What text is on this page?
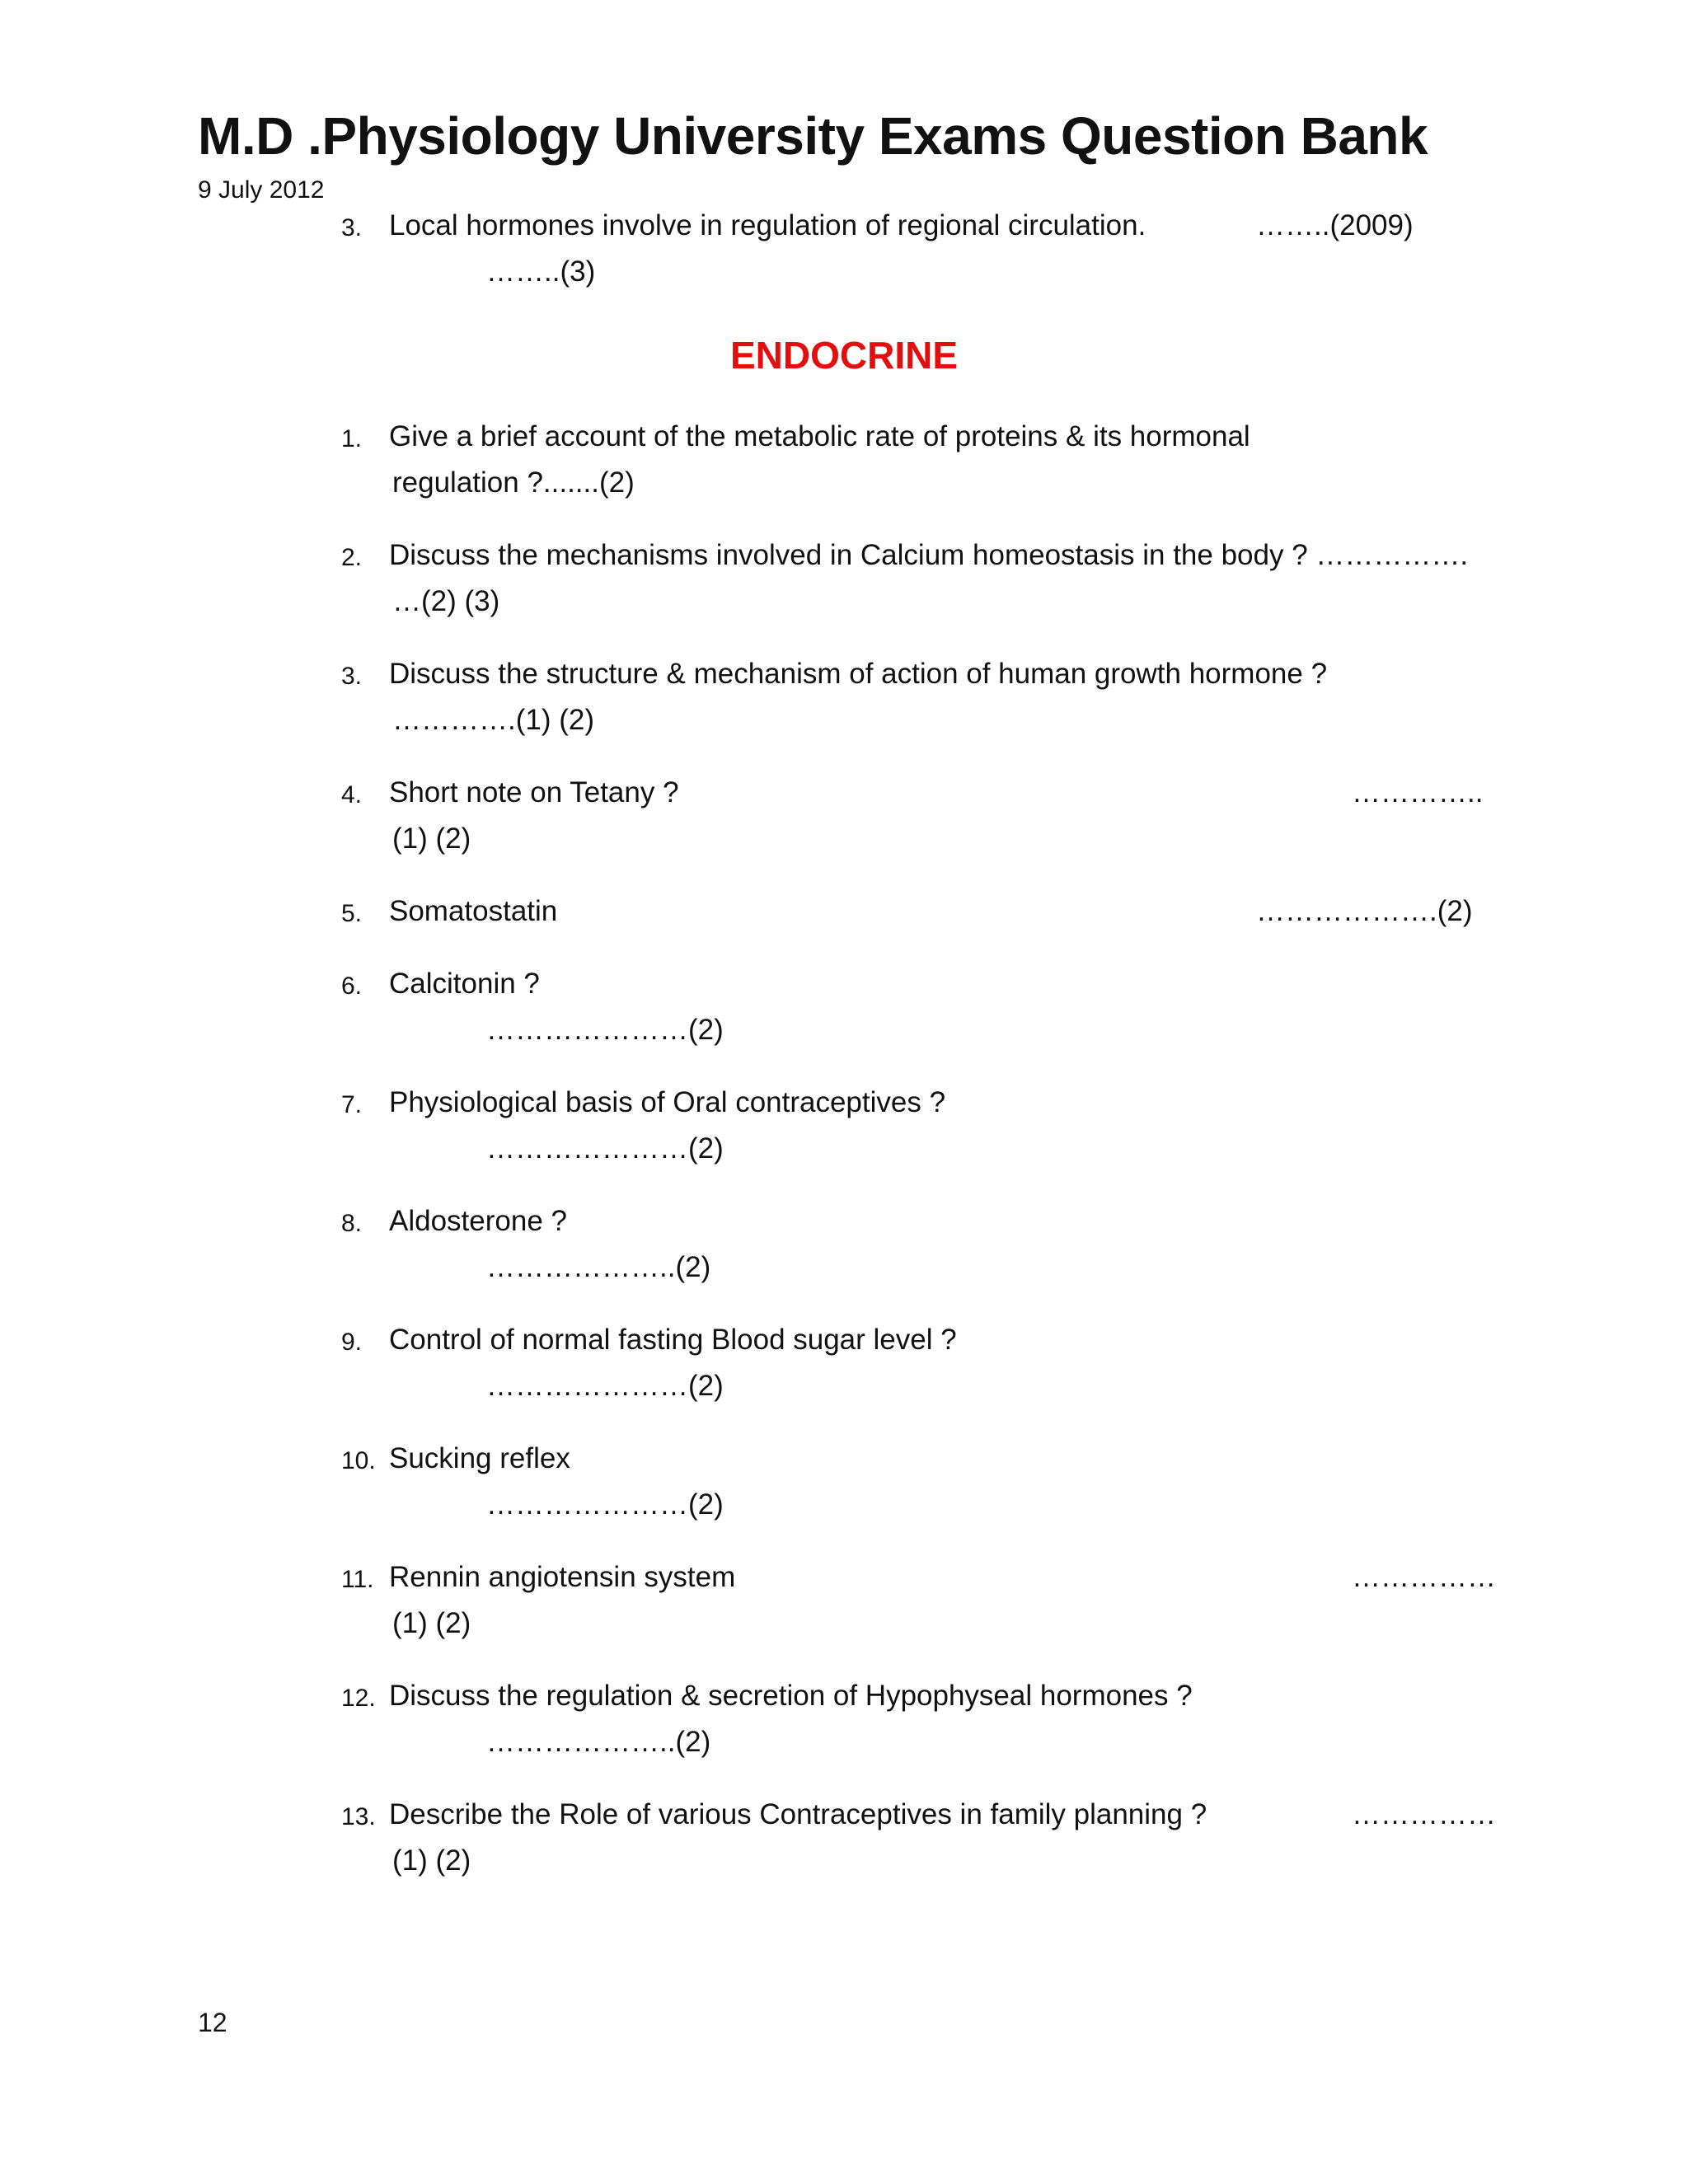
M.D .Physiology University Exams Question Bank
9 July 2012
3. Local hormones involve in regulation of regional circulation.	……..(2009)
……..(3)
ENDOCRINE
1. Give a brief account of the metabolic rate of proteins & its hormonal
regulation ?.......(2)
2. Discuss the mechanisms involved in Calcium homeostasis in the body ? …………….
…(2) (3)
3. Discuss the structure & mechanism of action of human growth hormone ?
………….(1) (2)
4. Short note on Tetany ?	…………..
(1) (2)
5. Somatostatin	……………….(2)
6. Calcitonin ?
…………………(2)
7. Physiological basis of Oral contraceptives ?
…………………(2)
8. Aldosterone ?
………………..(2)
9. Control of normal fasting Blood sugar level ?
…………………(2)
10. Sucking reflex
…………………(2)
11. Rennin angiotensin system	……………
(1) (2)
12. Discuss the regulation & secretion of Hypophyseal hormones ?
………………..(2)
13. Describe the Role of various Contraceptives in family planning ?	……………
(1) (2)
12
